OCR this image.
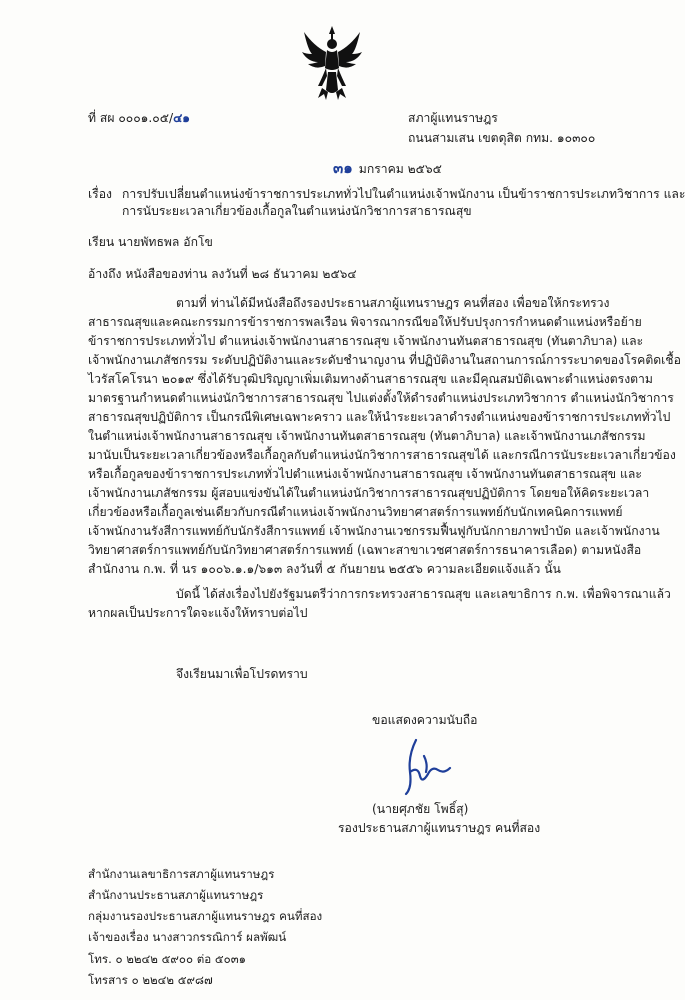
ที่ สผ ๐๐๐๑.๐๕/๔๑	สภาผู้แทนราษฎร
ถนนสามเสน เขตดุสิต กทม. ๑๐๓๐๐
๓๑ มกราคม ๒๕๖๕
เรื่อง การปรับเปลี่ยนตำแหน่งข้าราชการประเภททั่วไปในตำแหน่งเจ้าพนักงาน เป็นข้าราชการประเภทวิชาการ และ
การนับระยะเวลาเกี่ยวข้องเกื้อกูลในตำแหน่งนักวิชาการสาธารณสุข
เรียน นายพัทธพล อักโข
อ้างถึง หนังสือของท่าน ลงวันที่ ๒๘ ธันวาคม ๒๕๖๔
ตามที่ ท่านได้มีหนังสือถึงรองประธานสภาผู้แทนราษฎร คนที่สอง เพื่อขอให้กระทรวง
สาธารณสุขและคณะกรรมการข้าราชการพลเรือน พิจารณากรณีขอให้ปรับปรุงการกำหนดตำแหน่งหรือย้าย
ข้าราชการประเภททั่วไป ตำแหน่งเจ้าพนักงานสาธารณสุข เจ้าพนักงานทันตสาธารณสุข (ทันตาภิบาล) และ
เจ้าพนักงานเภสัชกรรม ระดับปฏิบัติงานและระดับชำนาญงาน ที่ปฏิบัติงานในสถานการณ์การระบาดของโรคติดเชื้อ
ไวรัสโคโรนา ๒๐๑๙ ซึ่งได้รับวุฒิปริญญาเพิ่มเติมทางด้านสาธารณสุข และมีคุณสมบัติเฉพาะตำแหน่งตรงตาม
มาตรฐานกำหนดตำแหน่งนักวิชาการสาธารณสุข ไปแต่งตั้งให้ดำรงตำแหน่งประเภทวิชาการ ตำแหน่งนักวิชาการ
สาธารณสุขปฏิบัติการ เป็นกรณีพิเศษเฉพาะคราว และให้นำระยะเวลาดำรงตำแหน่งของข้าราชการประเภททั่วไป
ในตำแหน่งเจ้าพนักงานสาธารณสุข เจ้าพนักงานทันตสาธารณสุข (ทันตาภิบาล) และเจ้าพนักงานเภสัชกรรม
มานับเป็นระยะเวลาเกี่ยวข้องหรือเกื้อกูลกับตำแหน่งนักวิชาการสาธารณสุขได้ และกรณีการนับระยะเวลาเกี่ยวข้อง
หรือเกื้อกูลของข้าราชการประเภททั่วไปตำแหน่งเจ้าพนักงานสาธารณสุข เจ้าพนักงานทันตสาธารณสุข และ
เจ้าพนักงานเภสัชกรรม ผู้สอบแข่งขันได้ในตำแหน่งนักวิชาการสาธารณสุขปฏิบัติการ โดยขอให้คิดระยะเวลา
เกี่ยวข้องหรือเกื้อกูลเช่นเดียวกับกรณีตำแหน่งเจ้าพนักงานวิทยาศาสตร์การแพทย์กับนักเทคนิคการแพทย์
เจ้าพนักงานรังสีการแพทย์กับนักรังสีการแพทย์ เจ้าพนักงานเวชกรรมฟื้นฟูกับนักกายภาพบำบัด และเจ้าพนักงาน
วิทยาศาสตร์การแพทย์กับนักวิทยาศาสตร์การแพทย์ (เฉพาะสาขาเวชศาสตร์การธนาคารเลือด) ตามหนังสือ
สำนักงาน ก.พ. ที่ นร ๑๐๐๖.๑.๑/๖๑๓ ลงวันที่ ๕ กันยายน ๒๕๕๖ ความละเอียดแจ้งแล้ว นั้น
บัดนี้ ได้ส่งเรื่องไปยังรัฐมนตรีว่าการกระทรวงสาธารณสุข และเลขาธิการ ก.พ. เพื่อพิจารณาแล้ว
หากผลเป็นประการใดจะแจ้งให้ทราบต่อไป
จึงเรียนมาเพื่อโปรดทราบ
ขอแสดงความนับถือ
(นายศุภชัย โพธิ์สุ)
รองประธานสภาผู้แทนราษฎร คนที่สอง
สำนักงานเลขาธิการสภาผู้แทนราษฎร
สำนักงานประธานสภาผู้แทนราษฎร
กลุ่มงานรองประธานสภาผู้แทนราษฎร คนที่สอง
เจ้าของเรื่อง นางสาวกรรณิการ์ ผลพัฒน์
โทร. ๐ ๒๒๔๒ ๕๙๐๐ ต่อ ๕๐๓๑
โทรสาร ๐ ๒๒๔๒ ๕๙๘๗
